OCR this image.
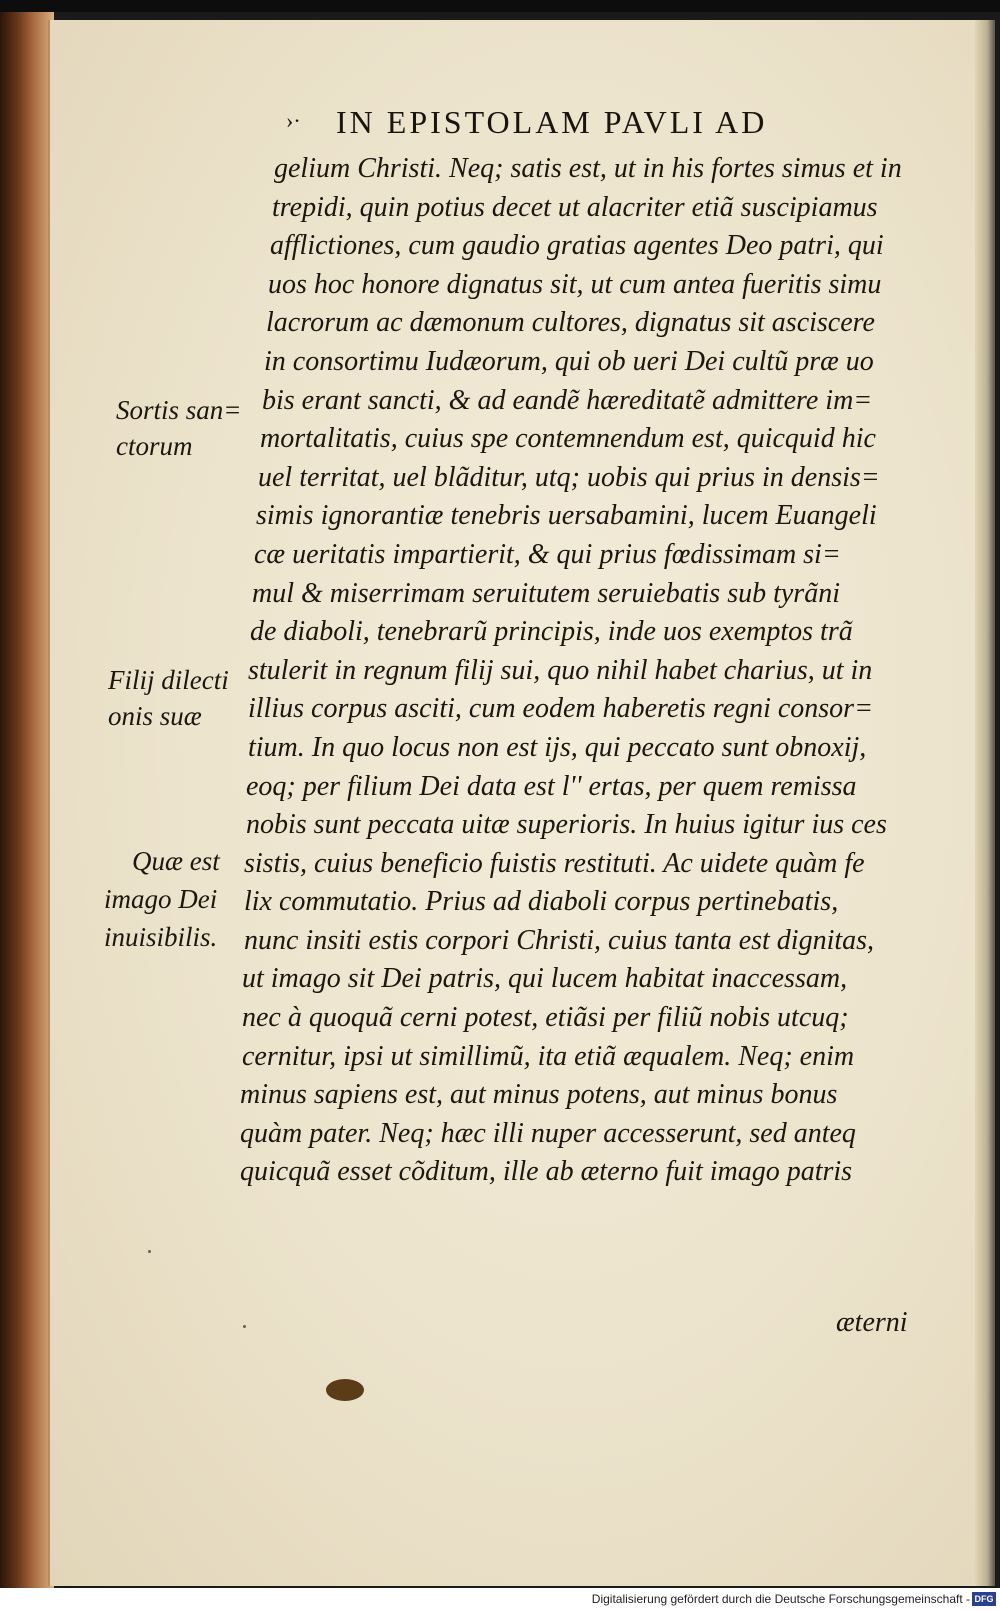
›·	IN EPISTOLAM PAVLI AD
gelium Christi. Neq; satis est, ut in his fortes simus et in
trepidi, quin potius decet ut alacriter etiã suscipiamus
afflictiones, cum gaudio gratias agentes Deo patri, qui
uos hoc honore dignatus sit, ut cum antea fueritis simu
lacrorum ac dæmonum cultores, dignatus sit asciscere
in consortimu Iudæorum, qui ob ueri Dei cultũ præ uo
bis erant sancti, & ad eandẽ hæreditatẽ admittere im=
mortalitatis, cuius spe contemnendum est, quicquid hic
uel territat, uel blãditur, utq; uobis qui prius in densis=
simis ignorantiæ tenebris uersabamini, lucem Euangeli
cæ ueritatis impartierit, & qui prius fœdissimam si=
mul & miserrimam seruitutem seruiebatis sub tyrãni
de diaboli, tenebrarũ principis, inde uos exemptos trã
stulerit in regnum filij sui, quo nihil habet charius, ut in
illius corpus asciti, cum eodem haberetis regni consor=
tium. In quo locus non est ijs, qui peccato sunt obnoxij,
eoq; per filium Dei data est l'' ertas, per quem remissa
nobis sunt peccata uitæ superioris. In huius igitur ius ces
sistis, cuius beneficio fuistis restituti. Ac uidete quàm fe
lix commutatio. Prius ad diaboli corpus pertinebatis,
nunc insiti estis corpori Christi, cuius tanta est dignitas,
ut imago sit Dei patris, qui lucem habitat inaccessam,
nec à quoquã cerni potest, etiãsi per filiũ nobis utcuq;
cernitur, ipsi ut simillimũ, ita etiã æqualem. Neq; enim
minus sapiens est, aut minus potens, aut minus bonus
quàm pater. Neq; hæc illi nuper accesserunt, sed anteq
quicquã esset cõditum, ille ab æterno fuit imago patris
Sortis san=
ctorum
Filij dilecti
onis suæ
Quæ est
imago Dei
inuisibilis.
æterni
Digitalisierung gefördert durch die Deutsche Forschungsgemeinschaft - DFG
